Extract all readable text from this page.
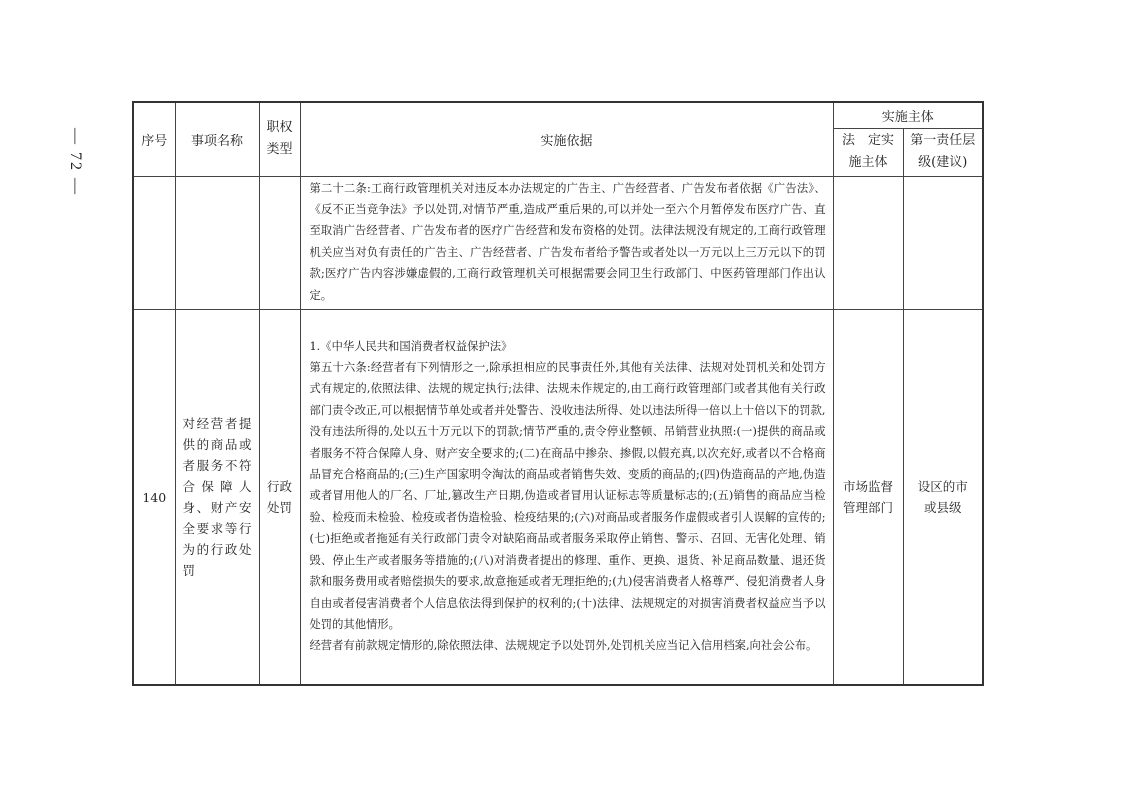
— 72 —	序号	事项名称	职权类型	实施依据	实施主体	
				法　定实施主体	第一责任层级(建议)

			第二十二条:工商行政管理机关对违反本办法规定的广告主、广告经营者、广告发布者依据《广告法》、《反不正当竞争法》予以处罚,对情节严重,造成严重后果的,可以并处一至六个月暂停发布医疗广告、直至取消广告经营者、广告发布者的医疗广告经营和发布资格的处罚。法律法规没有规定的,工商行政管理机关应当对负有责任的广告主、广告经营者、广告发布者给予警告或者处以一万元以上三万元以下的罚款;医疗广告内容涉嫌虚假的,工商行政管理机关可根据需要会同卫生行政部门、中医药管理部门作出认定。		

140	对经营者提供的商品或者服务不符合保障人身、财产安全要求等行为的行政处罚	行政处罚	1.《中华人民共和国消费者权益保护法》

第五十六条:经营者有下列情形之一,除承担相应的民事责任外,其他有关法律、法规对处罚机关和处罚方式有规定的,依照法律、法规的规定执行;法律、法规未作规定的,由工商行政管理部门或者其他有关行政部门责令改正,可以根据情节单处或者并处警告、没收违法所得、处以违法所得一倍以上十倍以下的罚款,没有违法所得的,处以五十万元以下的罚款;情节严重的,责令停业整顿、吊销营业执照:(一)提供的商品或者服务不符合保障人身、财产安全要求的;(二)在商品中掺杂、掺假,以假充真,以次充好,或者以不合格商品冒充合格商品的;(三)生产国家明令淘汰的商品或者销售失效、变质的商品的;(四)伪造商品的产地,伪造或者冒用他人的厂名、厂址,篡改生产日期,伪造或者冒用认证标志等质量标志的;(五)销售的商品应当检验、检疫而未检验、检疫或者伪造检验、检疫结果的;(六)对商品或者服务作虚假或者引人误解的宣传的;(七)拒绝或者拖延有关行政部门责令对缺陷商品或者服务采取停止销售、警示、召回、无害化处理、销毁、停止生产或者服务等措施的;(八)对消费者提出的修理、重作、更换、退货、补足商品数量、退还货款和服务费用或者赔偿损失的要求,故意拖延或者无理拒绝的;(九)侵害消费者人格尊严、侵犯消费者人身自由或者侵害消费者个人信息依法得到保护的权利的;(十)法律、法规规定的对损害消费者权益应当予以处罚的其他情形。

经营者有前款规定情形的,除依照法律、法规规定予以处罚外,处罚机关应当记入信用档案,向社会公布。	市场监督管理部门	设区的市或县级
